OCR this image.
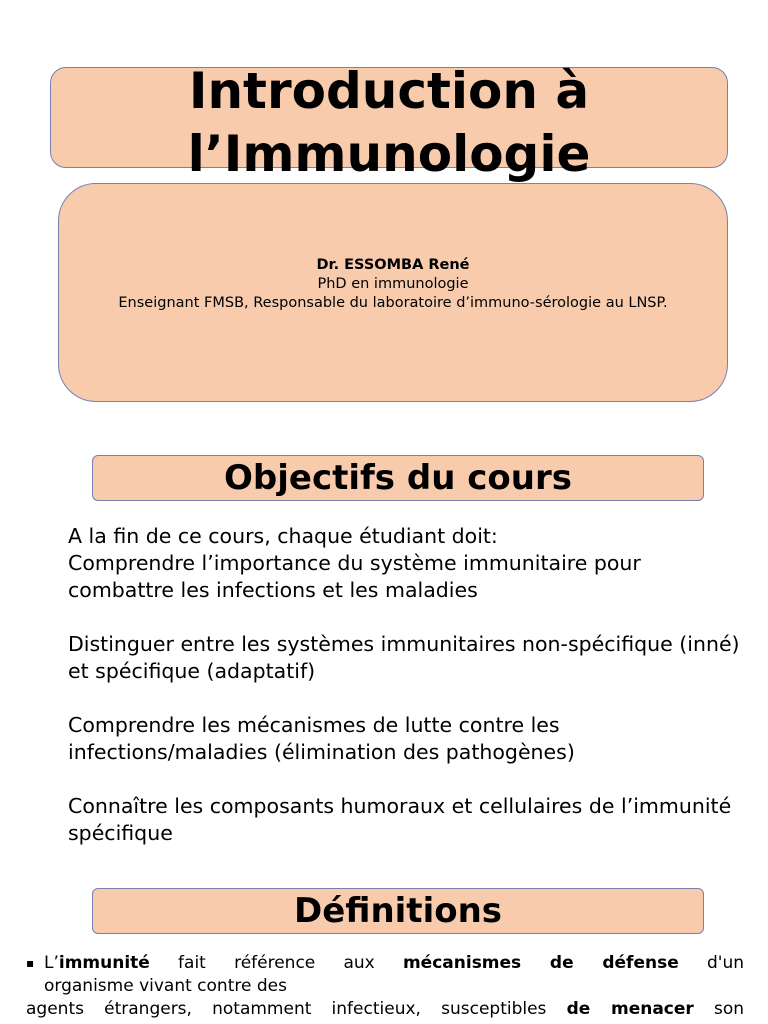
Introduction à
l’Immunologie
Dr. ESSOMBA René
PhD en immunologie
Enseignant FMSB, Responsable du laboratoire d’immuno-sérologie au LNSP.
Objectifs du cours

A la fin de ce cours, chaque étudiant doit:

Comprendre l’importance du système immunitaire pour combattre les infections et les maladies

Distinguer entre les systèmes immunitaires non-spécifique (inné) et spécifique (adaptatif)

Comprendre les mécanismes de lutte contre les infections/maladies (élimination des pathogènes)

Connaître les composants humoraux et cellulaires de l’immunité spécifique

Définitions
▪ L’immunité fait référence aux mécanismes de défense d'un
organisme vivant contre des
agents étrangers, notamment infectieux, susceptibles de menacer son
